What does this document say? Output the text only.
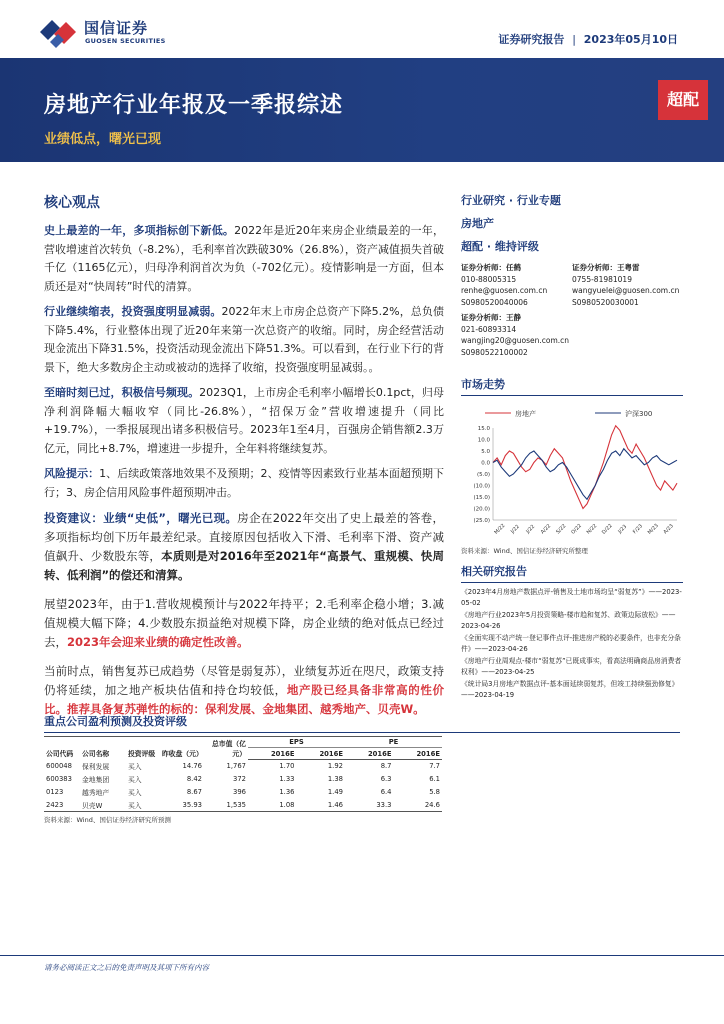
国信证券
GUOSEN SECURITIES	证券研究报告 | 2023年05月10日
房地产行业年报及一季报综述
业绩低点，曙光已现
超配
核心观点
史上最差的一年，多项指标创下新低。2022年是近20年来房企业绩最差的一年，营收增速首次转负（-8.2%），毛利率首次跌破30%（26.8%），资产减值损失首破千亿（1165亿元），归母净利润首次为负（-702亿元）。疫情影响是一方面，但本质还是对“快周转”时代的清算。
行业继续缩表，投资强度明显减弱。2022年末上市房企总资产下降5.2%，总负债下降5.4%，行业整体出现了近20年来第一次总资产的收缩。同时，房企经营活动现金流出下降31.5%，投资活动现金流出下降51.3%。可以看到，在行业下行的背景下，绝大多数房企主动或被动的选择了收缩，投资强度明显减弱。。
至暗时刻已过，积极信号频现。2023Q1，上市房企毛利率小幅增长0.1pct，归母净利润降幅大幅收窄（同比-26.8%），“招保万金”营收增速提升（同比+19.7%），一季报展现出诸多积极信号。2023年1至4月，百强房企销售额2.3万亿元，同比+8.7%，增速进一步提升，全年料将继续复苏。
风险提示：1、后续政策落地效果不及预期；2、疫情等因素致行业基本面超预期下行；3、房企信用风险事件超预期冲击。
投资建议：业绩“史低”，曙光已现。房企在2022年交出了史上最差的答卷，多项指标均创下历年最差纪录。直接原因包括收入下滑、毛利率下滑、资产减值飙升、少数股东等，本质则是对2016年至2021年“高景气、重规模、快周转、低利润”的偿还和清算。
展望2023年，由于1.营收规模预计与2022年持平；2.毛利率企稳小增；3.减值规模大幅下降；4.少数股东损益绝对规模下降，房企业绩的绝对低点已经过去，2023年会迎来业绩的确定性改善。
当前时点，销售复苏已成趋势（尽管是弱复苏），业绩复苏近在咫尺，政策支持仍将延续，加之地产板块估值和持仓均较低，地产股已经具备非常高的性价比。推荐具备复苏弹性的标的：保利发展、金地集团、越秀地产、贝壳W。
行业研究 · 行业专题
房地产
超配 · 维持评级
证券分析师：任鹤
010-88005315
renhe@guosen.com.cn
S0980520040006
证券分析师：王粤雷
0755-81981019
wangyuelei@guosen.com.cn
S0980520030001
证券分析师：王静
021-60893314
wangjing20@guosen.com.cn
S0980522100002
市场走势
房地产	沪深300
15.0
10.0
5.0
0.0
(5.0)
(10.0)
(15.0)
(20.0)
(25.0)
M/22 J/22 J/22 A/22 S/22 O/22 N/22 D/22 J/23 F/23 M/23 A/23
资料来源：Wind、国信证券经济研究所整理
相关研究报告
《2023年4月房地产数据点评-销售及土地市场均呈“弱复苏”》——2023-05-02
《房地产行业2023年5月投资策略-楼市趋和复苏、政策边际放松》——2023-04-26
《全面实现不动产统一登记事件点评-推进房产税的必要条件，也非充分条件》——2023-04-26
《房地产行业周观点-楼市“弱复苏”已既成事实，看高法明确商品房消费者权利》——2023-04-25
《统计局3月房地产数据点评-基本面延续弱复苏，但竣工持续强劲修复》——2023-04-19
重点公司盈利预测及投资评级
公司代码	公司名称	投资评级	昨收盘（元）	总市值（亿元）	EPS		PE	
					2016E	2016E	2016E	2016E
600048	保利发展	买入	14.76	1,767	1.70	1.92	8.7	7.7
600383	金地集团	买入	8.42	372	1.33	1.38	6.3	6.1
0123	越秀地产	买入	8.67	396	1.36	1.49	6.4	5.8
2423	贝壳W	买入	35.93	1,535	1.08	1.46	33.3	24.6
资料来源：Wind、国信证券经济研究所预测
请务必阅读正文之后的免责声明及其项下所有内容
